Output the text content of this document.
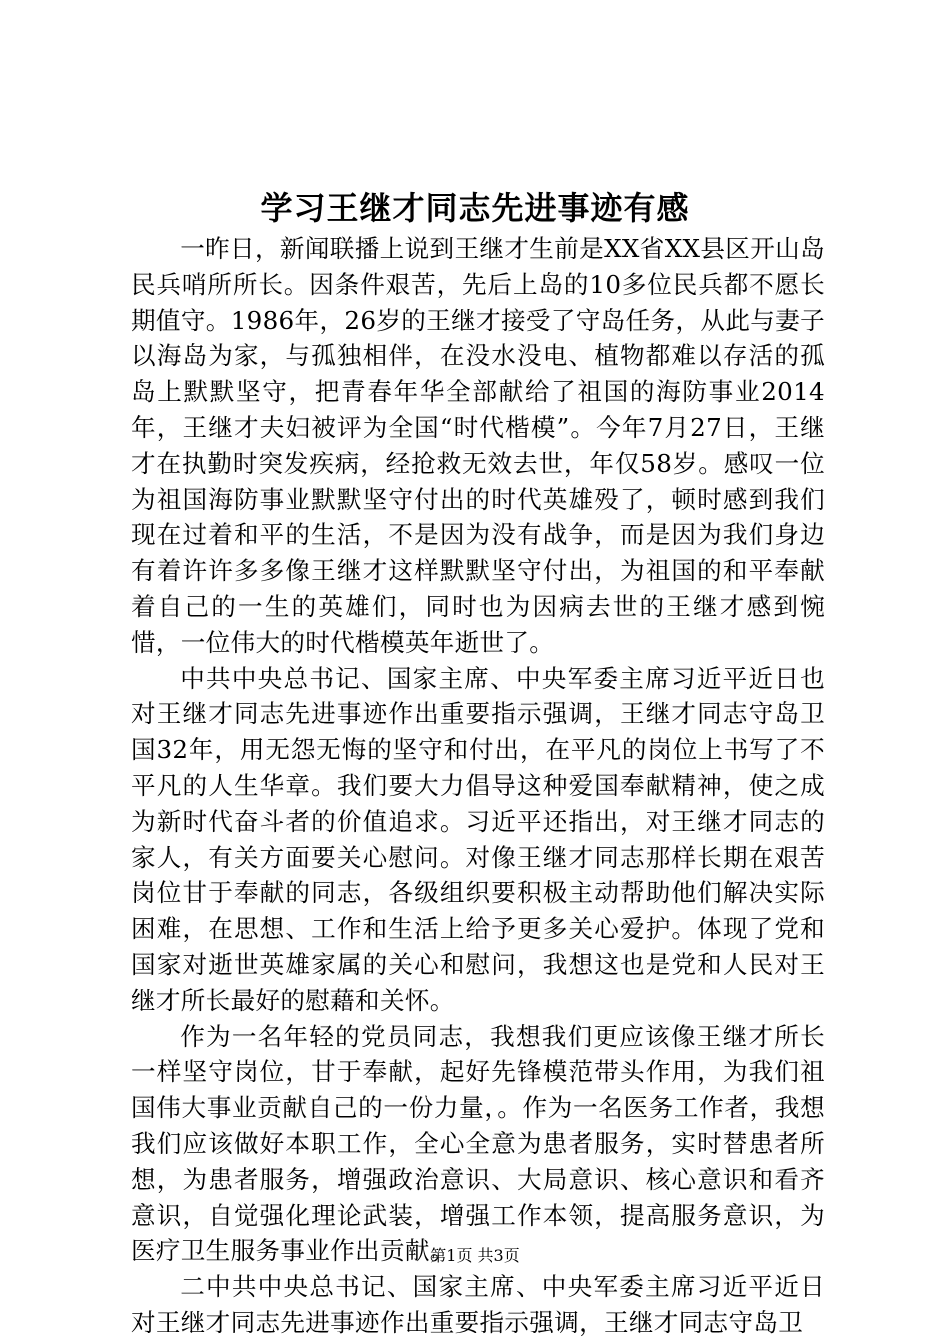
学习王继才同志先进事迹有感

一昨日，新闻联播上说到王继才生前是XX省XX县区开山岛民兵哨所所长。因条件艰苦，先后上岛的10多位民兵都不愿长期值守。1986年，26岁的王继才接受了守岛任务，从此与妻子以海岛为家，与孤独相伴，在没水没电、植物都难以存活的孤岛上默默坚守，把青春年华全部献给了祖国的海防事业2014年，王继才夫妇被评为全国“时代楷模”。今年7月27日，王继才在执勤时突发疾病，经抢救无效去世，年仅58岁。感叹一位为祖国海防事业默默坚守付出的时代英雄殁了，顿时感到我们现在过着和平的生活，不是因为没有战争，而是因为我们身边有着许许多多像王继才这样默默坚守付出，为祖国的和平奉献着自己的一生的英雄们，同时也为因病去世的王继才感到惋惜，一位伟大的时代楷模英年逝世了。

中共中央总书记、国家主席、中央军委主席习近平近日也对王继才同志先进事迹作出重要指示强调，王继才同志守岛卫国32年，用无怨无悔的坚守和付出，在平凡的岗位上书写了不平凡的人生华章。我们要大力倡导这种爱国奉献精神，使之成为新时代奋斗者的价值追求。习近平还指出，对王继才同志的家人，有关方面要关心慰问。对像王继才同志那样长期在艰苦岗位甘于奉献的同志，各级组织要积极主动帮助他们解决实际困难，在思想、工作和生活上给予更多关心爱护。体现了党和国家对逝世英雄家属的关心和慰问，我想这也是党和人民对王继才所长最好的慰藉和关怀。

作为一名年轻的党员同志，我想我们更应该像王继才所长一样坚守岗位，甘于奉献，起好先锋模范带头作用，为我们祖国伟大事业贡献自己的一份力量，。作为一名医务工作者，我想我们应该做好本职工作，全心全意为患者服务，实时替患者所想，为患者服务，增强政治意识、大局意识、核心意识和看齐意识，自觉强化理论武装，增强工作本领，提高服务意识，为医疗卫生服务事业作出贡献。

二中共中央总书记、国家主席、中央军委主席习近平近日对王继才同志先进事迹作出重要指示强调，王继才同志守岛卫

第1页 共3页
